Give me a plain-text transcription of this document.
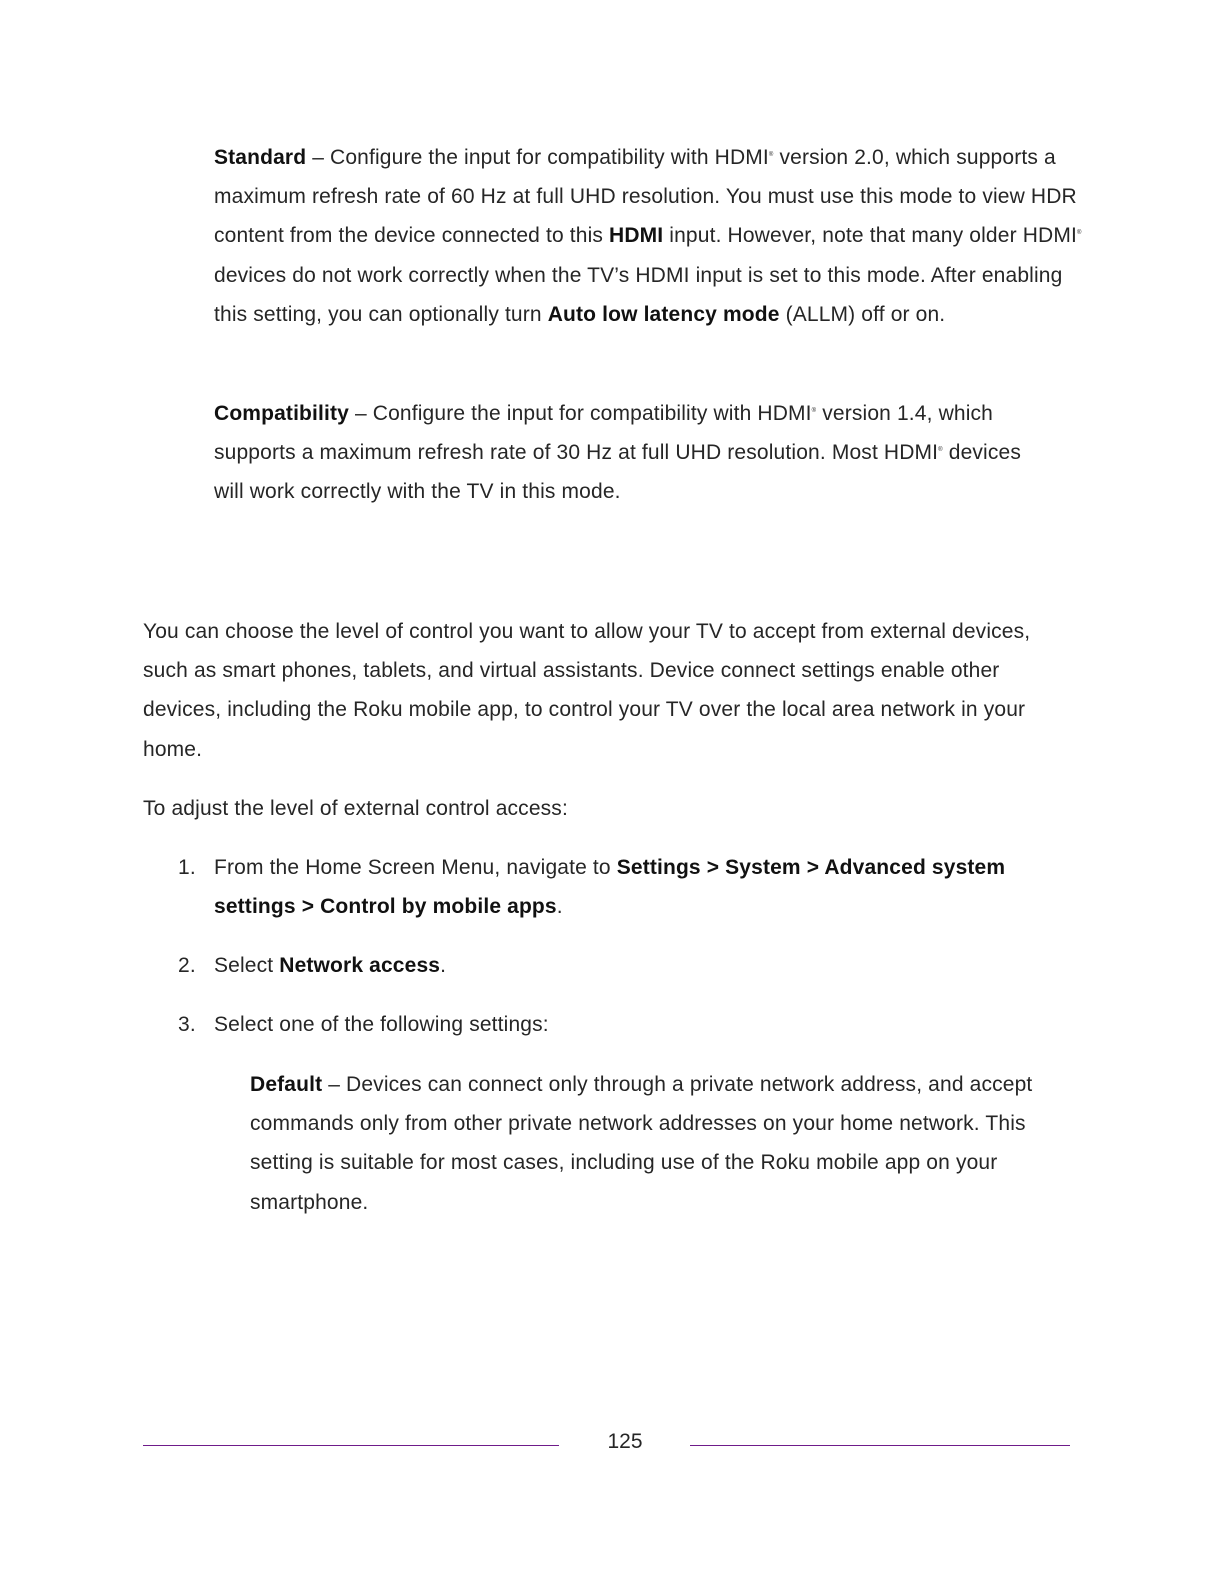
Standard – Configure the input for compatibility with HDMI® version 2.0, which supports a maximum refresh rate of 60 Hz at full UHD resolution. You must use this mode to view HDR content from the device connected to this HDMI input. However, note that many older HDMI® devices do not work correctly when the TV’s HDMI input is set to this mode. After enabling this setting, you can optionally turn Auto low latency mode (ALLM) off or on.

Compatibility – Configure the input for compatibility with HDMI® version 1.4, which supports a maximum refresh rate of 30 Hz at full UHD resolution. Most HDMI® devices will work correctly with the TV in this mode.

You can choose the level of control you want to allow your TV to accept from external devices, such as smart phones, tablets, and virtual assistants. Device connect settings enable other devices, including the Roku mobile app, to control your TV over the local area network in your home.

To adjust the level of external control access:

1. From the Home Screen Menu, navigate to Settings > System > Advanced system settings > Control by mobile apps.
2. Select Network access.
3. Select one of the following settings:

Default – Devices can connect only through a private network address, and accept commands only from other private network addresses on your home network. This setting is suitable for most cases, including use of the Roku mobile app on your smartphone.

125
